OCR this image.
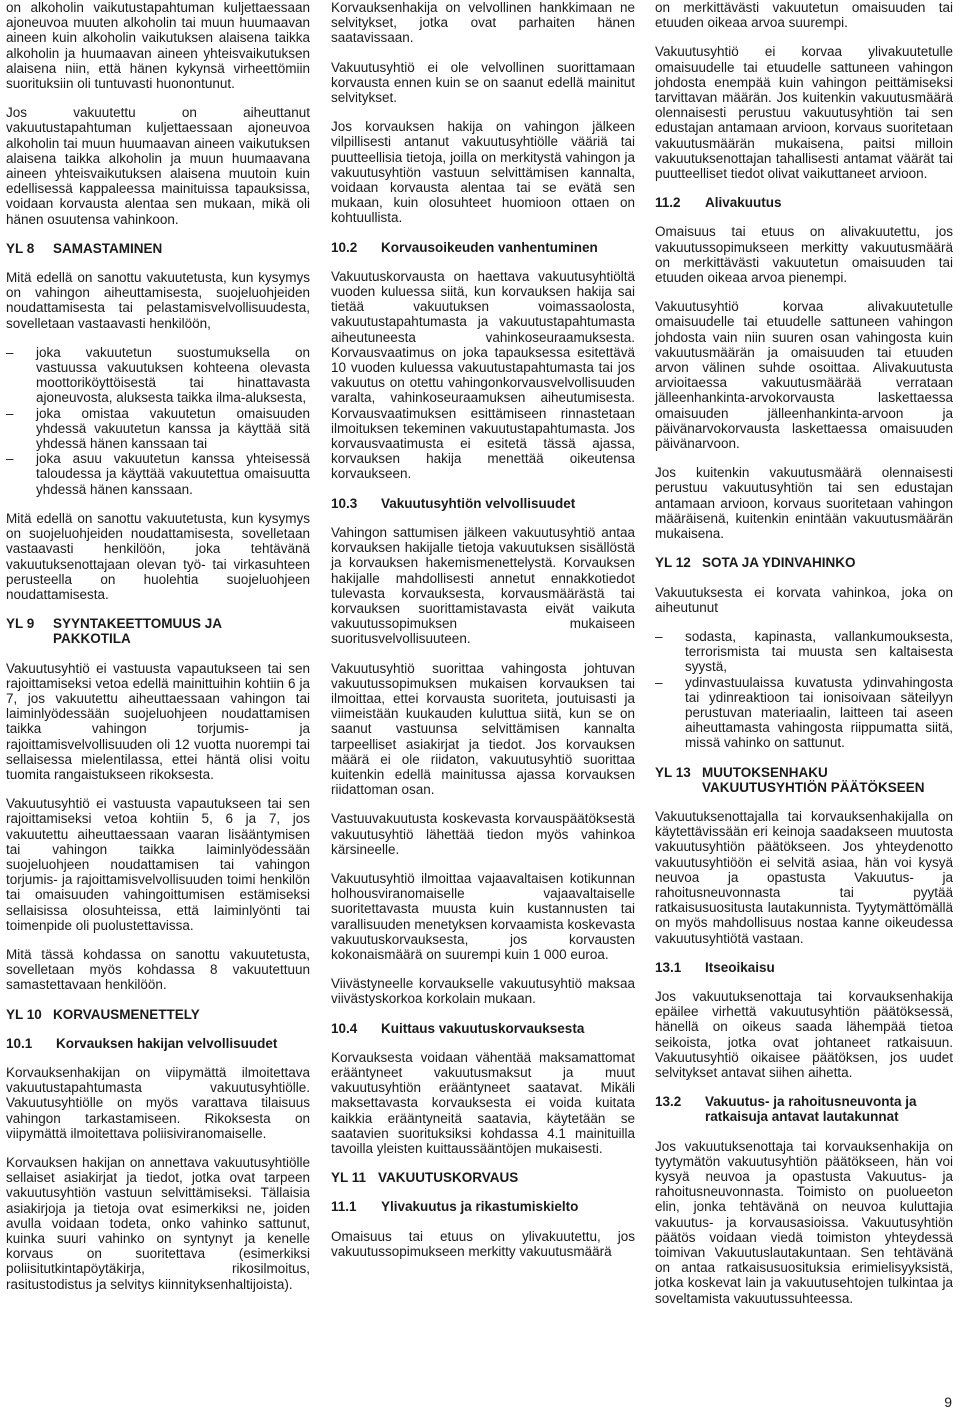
on alkoholin vaikutustapahtuman kuljettaessaan ajoneuvoa muuten alkoholin tai muun huumaavan aineen kuin alkoholin vaikutuksen alaisena taikka alkoholin ja huumaavan aineen yhteisvaikutuksen alaisena niin, että hänen kykynsä virheettömiin suorituksiin oli tuntuvasti huonontunut.

Jos vakuutettu on aiheuttanut vakuutustapahtuman kuljettaessaan ajoneuvoa alkoholin tai muun huumaavan aineen vaikutuksen alaisena taikka alkoholin ja muun huumaavana aineen yhteisvaikutuksen alaisena muutoin kuin edellisessä kappaleessa mainituissa tapauksissa, voidaan korvausta alentaa sen mukaan, mikä oli hänen osuutensa vahinkoon.

YL 8	SAMASTAMINEN

Mitä edellä on sanottu vakuutetusta, kun kysymys on vahingon aiheuttamisesta, suojeluohjeiden noudattamisesta tai pelastamisvelvollisuudesta, sovelletaan vastaavasti henkilöön,

– joka vakuutetun suostumuksella on vastuussa vakuutuksen kohteena olevasta moottoriköyttöisestä tai hinattavasta ajoneuvosta, aluksesta taikka ilma-aluksesta,
– joka omistaa vakuutetun omaisuuden yhdessä vakuutetun kanssa ja käyttää sitä yhdessä hänen kanssaan tai
– joka asuu vakuutetun kanssa yhteisessä taloudessa ja käyttää vakuutettua omaisuutta yhdessä hänen kanssaan.

Mitä edellä on sanottu vakuutetusta, kun kysymys on suojeluohjeiden noudattamisesta, sovelletaan vastaavasti henkilöön, joka tehtävänä vakuutuksenottajaan olevan työ- tai virkasuhteen perusteella on huolehtia suojeluohjeen noudattamisesta.

YL 9	SYYNTAKEETTOMUUS JA PAKKOTILA

Vakuutusyhtiö ei vastuusta vapautukseen tai sen rajoittamiseksi vetoa edellä mainittuihin kohtiin 6 ja 7, jos vakuutettu aiheuttaessaan vahingon tai laiminlyödessään suojeluohjeen noudattamisen taikka vahingon torjumis- ja rajoittamisvelvollisuuden oli 12 vuotta nuorempi tai sellaisessa mielentilassa, ettei häntä olisi voitu tuomita rangaistukseen rikoksesta.

Vakuutusyhtiö ei vastuusta vapautukseen tai sen rajoittamiseksi vetoa kohtiin 5, 6 ja 7, jos vakuutettu aiheuttaessaan vaaran lisääntymisen tai vahingon taikka laiminlyödessään suojeluohjeen noudattamisen tai vahingon torjumis- ja rajoittamisvelvollisuuden toimi henkilön tai omaisuuden vahingoittumisen estämiseksi sellaisissa olosuhteissa, että laiminlyönti tai toimenpide oli puolustettavissa.

Mitä tässä kohdassa on sanottu vakuutetusta, sovelletaan myös kohdassa 8 vakuutettuun samastettavaan henkilöön.

YL 10 KORVAUSMENETTELY
10.1	Korvauksen hakijan velvollisuudet

Korvauksenhakijan on viipymättä ilmoitettava vakuutustapahtumasta vakuutusyhtiölle. Vakuutusyhtiölle on myös varattava tilaisuus vahingon tarkastamiseen. Rikoksesta on viipymättä ilmoitettava poliisiviranomaiselle.

Korvauksen hakijan on annettava vakuutusyhtiölle sellaiset asiakirjat ja tiedot, jotka ovat tarpeen vakuutusyhtiön vastuun selvittämiseksi. Tällaisia asiakirjoja ja tietoja ovat esimerkiksi ne, joiden avulla voidaan todeta, onko vahinko sattunut, kuinka suuri vahinko on syntynyt ja kenelle korvaus on suoritettava (esimerkiksi poliisitutkintapöytäkirja, rikosilmoitus, rasitustodistus ja selvitys kiinnityksenhaltijoista).

Korvauksenhakija on velvollinen hankkimaan ne selvitykset, jotka ovat parhaiten hänen saatavissaan.

Vakuutusyhtiö ei ole velvollinen suorittamaan korvausta ennen kuin se on saanut edellä mainitut selvitykset.

Jos korvauksen hakija on vahingon jälkeen vilpillisesti antanut vakuutusyhtiölle vääriä tai puutteellisia tietoja, joilla on merkitystä vahingon ja vakuutusyhtiön vastuun selvittämisen kannalta, voidaan korvausta alentaa tai se evätä sen mukaan, kuin olosuhteet huomioon ottaen on kohtuullista.

10.2	Korvausoikeuden vanhentuminen

Vakuutuskorvausta on haettava vakuutusyhtiöltä vuoden kuluessa siitä, kun korvauksen hakija sai tietää vakuutuksen voimassaolosta, vakuutustapahtumasta ja vakuutustapahtumasta aiheutuneesta vahinkoseuraamuksesta. Korvausvaatimus on joka tapauksessa esitettävä 10 vuoden kuluessa vakuutustapahtumasta tai jos vakuutus on otettu vahingonkorvausvelvollisuuden varalta, vahinkoseuraamuksen aiheutumisesta. Korvausvaatimuksen esittämiseen rinnastetaan ilmoituksen tekeminen vakuutustapahtumasta. Jos korvausvaatimusta ei esitetä tässä ajassa, korvauksen hakija menettää oikeutensa korvaukseen.

10.3	Vakuutusyhtiön velvollisuudet

Vahingon sattumisen jälkeen vakuutusyhtiö antaa korvauksen hakijalle tietoja vakuutuksen sisällöstä ja korvauksen hakemismenettelystä. Korvauksen hakijalle mahdollisesti annetut ennakkotiedot tulevasta korvauksesta, korvausmäärästä tai korvauksen suorittamistavasta eivät vaikuta vakuutussopimuksen mukaiseen suoritusvelvollisuuteen.

Vakuutusyhtiö suorittaa vahingosta johtuvan vakuutussopimuksen mukaisen korvauksen tai ilmoittaa, ettei korvausta suoriteta, joutuisasti ja viimeistään kuukauden kuluttua siitä, kun se on saanut vastuunsa selvittämisen kannalta tarpeelliset asiakirjat ja tiedot. Jos korvauksen määrä ei ole riidaton, vakuutusyhtiö suorittaa kuitenkin edellä mainitussa ajassa korvauksen riidattoman osan.

Vastuuvakuutusta koskevasta korvauspäätöksestä vakuutusyhtiö lähettää tiedon myös vahinkoa kärsineelle.

Vakuutusyhtiö ilmoittaa vajaavaltaisen kotikunnan holhousviranomaiselle vajaavaltaiselle suoritettavasta muusta kuin kustannusten tai varallisuuden menetyksen korvaamista koskevasta vakuutuskorvauksesta, jos korvausten kokonaismäärä on suurempi kuin 1 000 euroa.

Viivästyneelle korvaukselle vakuutusyhtiö maksaa viivästyskorkoa korkolain mukaan.

10.4	Kuittaus vakuutuskorvauksesta

Korvauksesta voidaan vähentää maksamattomat erääntyneet vakuutusmaksut ja muut vakuutusyhtiön erääntyneet saatavat. Mikäli maksettavasta korvauksesta ei voida kuitata kaikkia erääntyneitä saatavia, käytetään se saatavien suorituksiksi kohdassa 4.1 mainituilla tavoilla yleisten kuittaussääntöjen mukaisesti.

YL 11 VAKUUTUSKORVAUS
11.1	Ylivakuutus ja rikastumiskielto

Omaisuus tai etuus on ylivakuutettu, jos vakuutussopimukseen merkitty vakuutusmäärä

on merkittävästi vakuutetun omaisuuden tai etuuden oikeaa arvoa suurempi.

Vakuutusyhtiö ei korvaa ylivakuutetulle omaisuudelle tai etuudelle sattuneen vahingon johdosta enempää kuin vahingon peittämiseksi tarvittavan määrän. Jos kuitenkin vakuutusmäärä olennaisesti perustuu vakuutusyhtiön tai sen edustajan antamaan arvioon, korvaus suoritetaan vakuutusmäärän mukaisena, paitsi milloin vakuutuksenottajan tahallisesti antamat väärät tai puutteelliset tiedot olivat vaikuttaneet arvioon.

11.2	Alivakuutus

Omaisuus tai etuus on alivakuutettu, jos vakuutussopimukseen merkitty vakuutusmäärä on merkittävästi vakuutetun omaisuuden tai etuuden oikeaa arvoa pienempi.

Vakuutusyhtiö korvaa alivakuutetulle omaisuudelle tai etuudelle sattuneen vahingon johdosta vain niin suuren osan vahingosta kuin vakuutusmäärän ja omaisuuden tai etuuden arvon välinen suhde osoittaa. Alivakuutusta arvioitaessa vakuutusmäärää verrataan jälleenhankinta-arvokorvausta laskettaessa omaisuuden jälleenhankinta-arvoon ja päivänarvokorvausta laskettaessa omaisuuden päivänarvoon.

Jos kuitenkin vakuutusmäärä olennaisesti perustuu vakuutusyhtiön tai sen edustajan antamaan arvioon, korvaus suoritetaan vahingon määräisenä, kuitenkin enintään vakuutusmäärän mukaisena.

YL 12 SOTA JA YDINVAHINKO

Vakuutuksesta ei korvata vahinkoa, joka on aiheutunut

– sodasta, kapinasta, vallankumouksesta, terrorismista tai muusta sen kaltaisesta syystä,
– ydinvastuulaissa kuvatusta ydinvahingosta tai ydinreaktioon tai ionisoivaan säteilyyn perustuvan materiaalin, laitteen tai aseen aiheuttamasta vahingosta riippumatta siitä, missä vahinko on sattunut.
YL 13 MUUTOKSENHAKU VAKUUTUSYHTIÖN PÄÄTÖKSEEN

Vakuutuksenottajalla tai korvauksenhakijalla on käytettävissään eri keinoja saadakseen muutosta vakuutusyhtiön päätökseen. Jos yhteydenotto vakuutusyhtiöön ei selvitä asiaa, hän voi kysyä neuvoa ja opastusta Vakuutus- ja rahoitusneuvonnasta tai pyytää ratkaisusuositusta lautakunnista. Tyytymättömällä on myös mahdollisuus nostaa kanne oikeudessa vakuutusyhtiötä vastaan.

13.1	Itseoikaisu

Jos vakuutuksenottaja tai korvauksenhakija epäilee virhettä vakuutusyhtiön päätöksessä, hänellä on oikeus saada lähempää tietoa seikoista, jotka ovat johtaneet ratkaisuun. Vakuutusyhtiö oikaisee päätöksen, jos uudet selvitykset antavat siihen aihetta.

13.2	Vakuutus- ja rahoitusneuvonta ja ratkaisuja antavat lautakunnat

Jos vakuutuksenottaja tai korvauksenhakija on tyytymätön vakuutusyhtiön päätökseen, hän voi kysyä neuvoa ja opastusta Vakuutus- ja rahoitusneuvonnasta. Toimisto on puoluееton elin, jonka tehtävänä on neuvoa kuluttajia vakuutus- ja korvausasioissa. Vakuutusyhtiön päätös voidaan viedä toimiston yhteydessä toimivan Vakuutuslautakuntaan. Sen tehtävänä on antaa ratkaisusuosituksia erimielisyyksistä, jotka koskevat lain ja vakuutusehtojen tulkintaa ja soveltamista vakuutussuhteessa.

9
